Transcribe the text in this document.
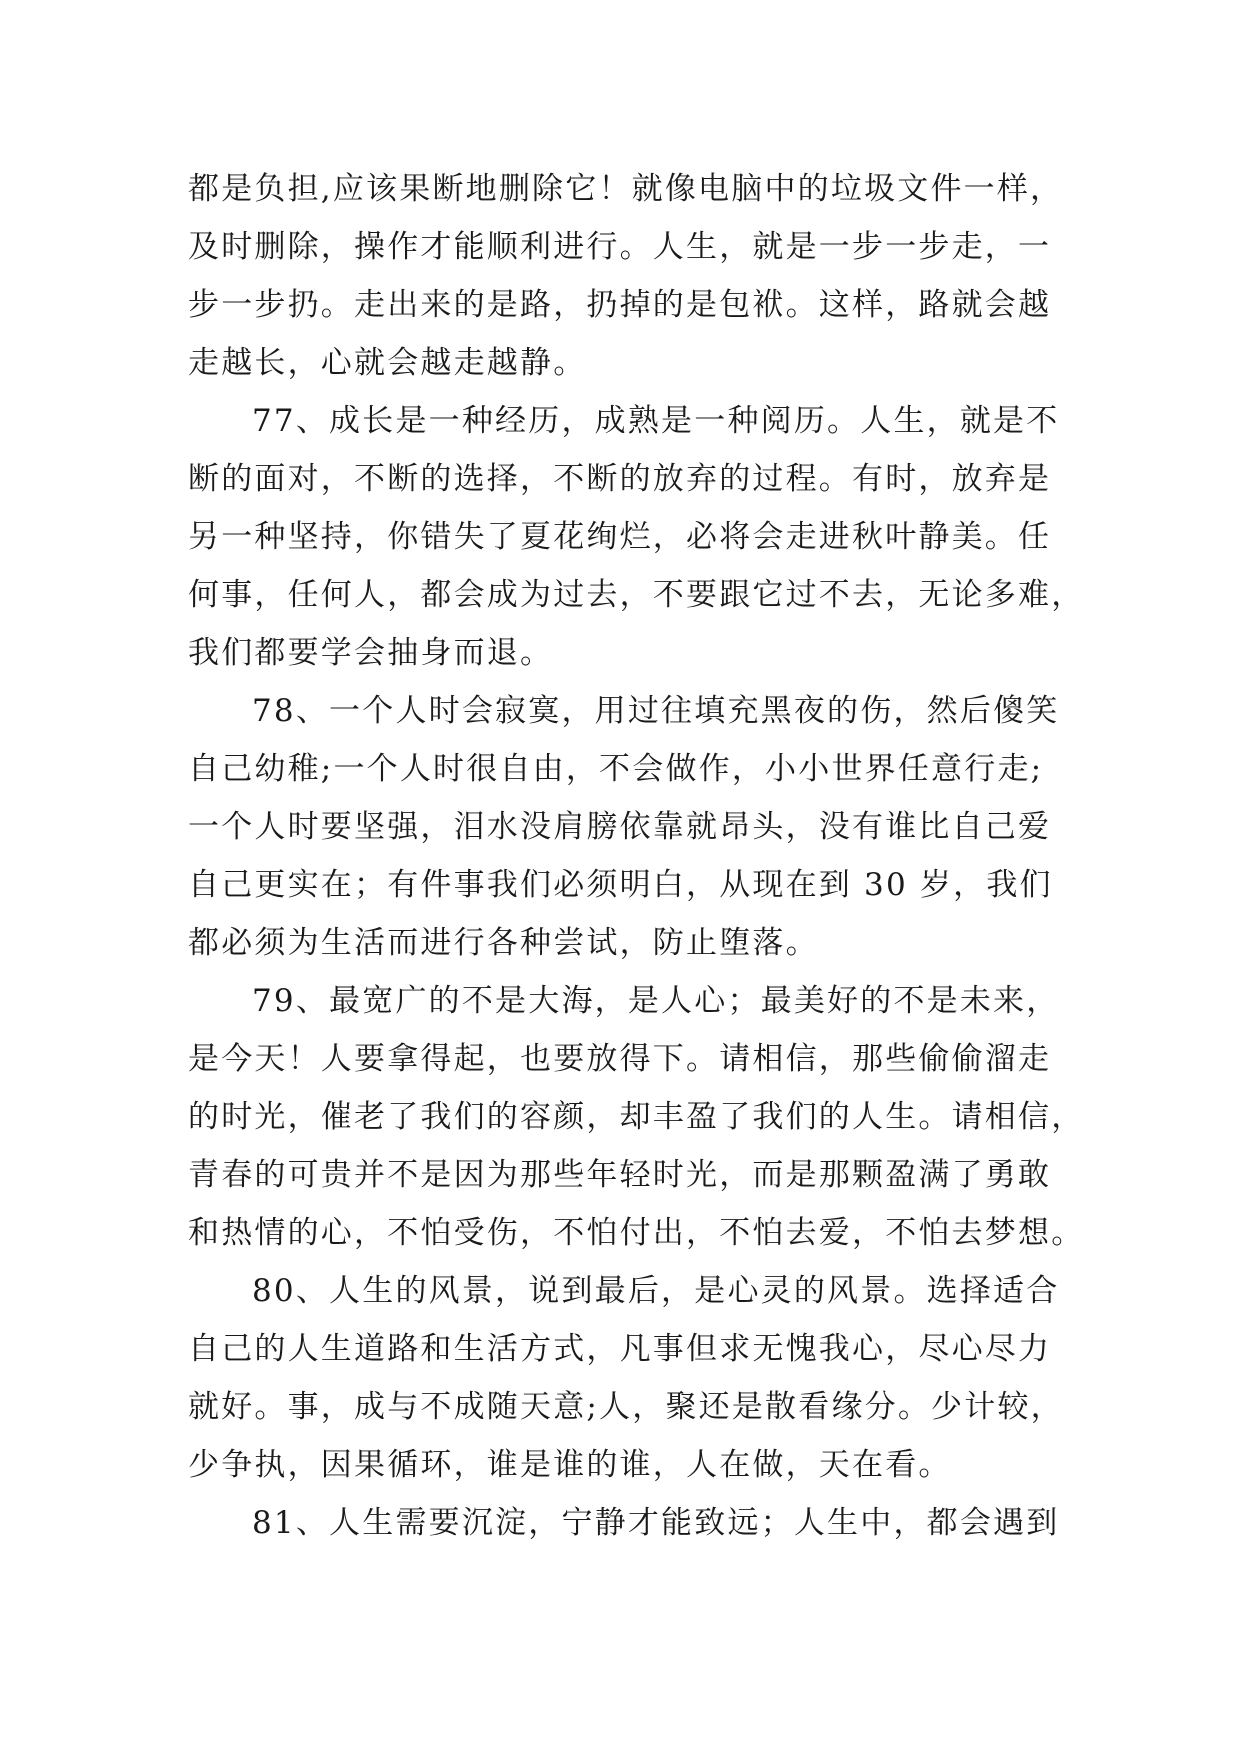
都是负担,应该果断地删除它！就像电脑中的垃圾文件一样，
及时删除，操作才能顺利进行。人生，就是一步一步走，一
步一步扔。走出来的是路，扔掉的是包袱。这样，路就会越
走越长，心就会越走越静。
77、成长是一种经历，成熟是一种阅历。人生，就是不
断的面对，不断的选择，不断的放弃的过程。有时，放弃是
另一种坚持，你错失了夏花绚烂，必将会走进秋叶静美。任
何事，任何人，都会成为过去，不要跟它过不去，无论多难，
我们都要学会抽身而退。
78、一个人时会寂寞，用过往填充黑夜的伤，然后傻笑
自己幼稚;一个人时很自由，不会做作，小小世界任意行走;
一个人时要坚强，泪水没肩膀依靠就昂头，没有谁比自己爱
自己更实在；有件事我们必须明白，从现在到 30 岁，我们
都必须为生活而进行各种尝试，防止堕落。
79、最宽广的不是大海，是人心；最美好的不是未来，
是今天！人要拿得起，也要放得下。请相信，那些偷偷溜走
的时光，催老了我们的容颜，却丰盈了我们的人生。请相信，
青春的可贵并不是因为那些年轻时光，而是那颗盈满了勇敢
和热情的心，不怕受伤，不怕付出，不怕去爱，不怕去梦想。
80、人生的风景，说到最后，是心灵的风景。选择适合
自己的人生道路和生活方式，凡事但求无愧我心，尽心尽力
就好。事，成与不成随天意;人，聚还是散看缘分。少计较，
少争执，因果循环，谁是谁的谁，人在做，天在看。
81、人生需要沉淀，宁静才能致远；人生中，都会遇到
